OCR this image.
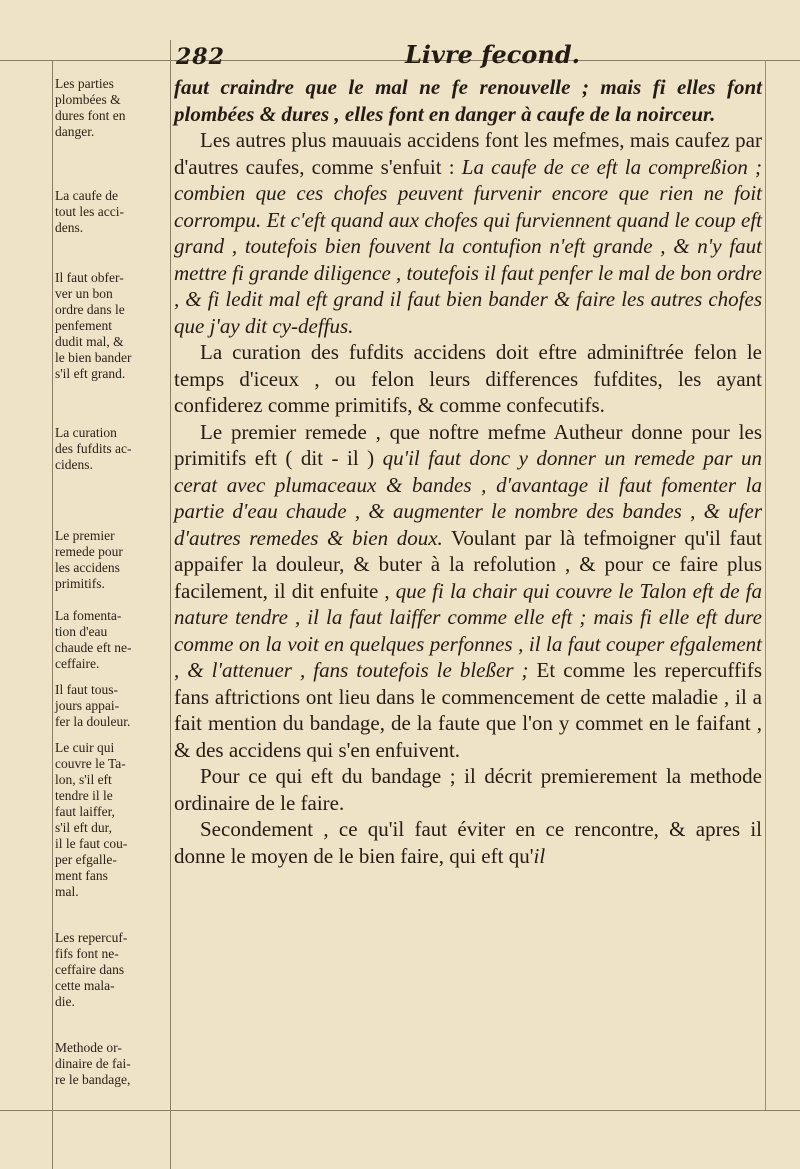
282	Livre fecond.
Les parties
plombées &
dures font en
danger.
La caufe de
tout les acci-
dens.
Il faut obfer-
ver un bon
ordre dans le
penfement
dudit mal, &
le bien bander
s'il eft grand.
La curation
des fufdits ac-
cidens.
Le premier
remede pour
les accidens
primitifs.
La fomenta-
tion d'eau
chaude eft ne-
ceffaire.
Il faut tous-
jours appai-
fer la douleur.
Le cuir qui
couvre le Ta-
lon, s'il eft
tendre il le
faut laiffer,
s'il eft dur,
il le faut cou-
per efgalle-
ment fans
mal.
Les repercuf-
fifs font ne-
ceffaire dans
cette mala-
die.
Methode or-
dinaire de fai-
re le bandage,

faut craindre que le mal ne fe renouvelle ; mais fi elles font plombées & dures , elles font en danger à caufe de la noirceur.

Les autres plus mauuais accidens font les mefmes, mais caufez par d'autres caufes, comme s'enfuit : La caufe de ce eft la compreßion ; combien que ces chofes peuvent furvenir encore que rien ne foit corrompu. Et c'eft quand aux chofes qui furviennent quand le coup eft grand , toutefois bien fouvent la contufion n'eft grande , & n'y faut mettre fi grande diligence , toutefois il faut penfer le mal de bon ordre , & fi ledit mal eft grand il faut bien bander & faire les autres chofes que j'ay dit cy-deffus.

La curation des fufdits accidens doit eftre adminiftrée felon le temps d'iceux , ou felon leurs differences fufdites, les ayant confiderez comme primitifs, & comme confecutifs.

Le premier remede , que noftre mefme Autheur donne pour les primitifs eft ( dit - il ) qu'il faut donc y donner un remede par un cerat avec plumaceaux & bandes , d'avantage il faut fomenter la partie d'eau chaude , & augmenter le nombre des bandes , & ufer d'autres remedes & bien doux. Voulant par là tefmoigner qu'il faut appaifer la douleur, & buter à la refolution , & pour ce faire plus facilement, il dit enfuite , que fi la chair qui couvre le Talon eft de fa nature tendre , il la faut laiffer comme elle eft ; mais fi elle eft dure comme on la voit en quelques perfonnes , il la faut couper efgalement , & l'attenuer , fans toutefois le bleßer ; Et comme les repercuffifs fans aftrictions ont lieu dans le commencement de cette maladie , il a fait mention du bandage, de la faute que l'on y commet en le faifant , & des accidens qui s'en enfuivent.

Pour ce qui eft du bandage ; il décrit premierement la methode ordinaire de le faire.

Secondement , ce qu'il faut éviter en ce rencontre, & apres il donne le moyen de le bien faire, qui eft qu'il
